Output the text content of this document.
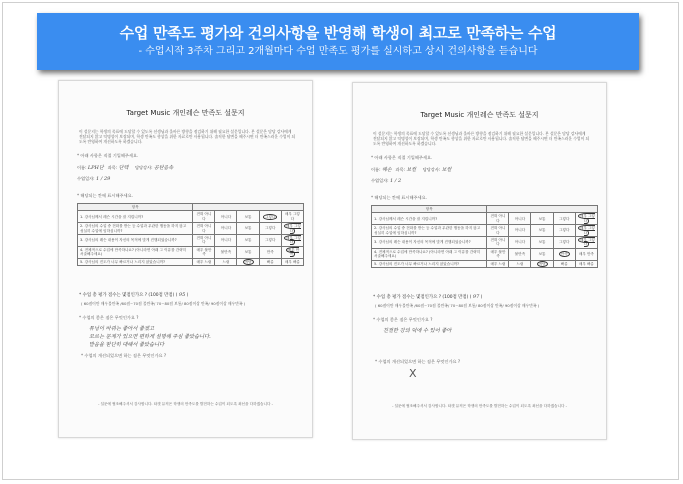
수업 만족도 평가와 건의사항을 반영해 학생이 최고로 만족하는 수업
- 수업시작 3주차 그리고 2개월마다 수업 만족도 평가를 실시하고 상시 건의사항을 듣습니다
Target Music 개인레슨 만족도 설문지
이 설문지는 학생의 목표에 도달할 수 있도록 선생님과 올바른 방향을 점검하기 위해 필요한 설문입니다. 본 설문은 담당 강사에게 전달되지 않고 익명성이 보장되며, 학생 만족도 향상을 위한 자료로만 사용됩니다. 솔직한 답변을 해주시면 더 만족스러운 수업이 되도록 반영하여 개선하도록 하겠습니다.
* 아래 사항은 직접 기입해주세요.
이름: LPH단 과목: 단텍 담당강사: 공탄음속
수업일자: 1 / 29
* 해당되는 칸에 표시해주세요.
항목					
1. 강사님께서 레슨 시간을 잘 지킵니까?	전혀 아니다	아니다	보통	그렇다	매우 그렇다
2. 강사님의 수업 중 전화를 받는 등 수업과 무관한 행동을 하지 않고 성실히 수업에 임하십니까?	전혀 아니다	아니다	보통	그렇다	매우 그렇다
3. 강사님의 레슨 내용이 자신의 목적에 맞게 진행되었습니까?	전혀 아니다	아니다	보통	그렇다	매우 그렇다
4. 전체적으로 수업에 만족하나요? (아니라면 아래 그 이유를 간략히 서술해주세요)	매우 불만족	불만족	보통	만족	매우 만족
5. 강사님의 진도가 너무 빠르거나 느리지 않았습니까?	매우 느림	느림	적당	빠름	매우 빠름
* 수업 총 평가 점수는 몇점인가요 ? (100점 만점) ( 95 )
( 60점이만 매우불만족 /60점~70점 불만족/ 70~80점 보통/ 80점이상 만족/ 90점이상 매우만족 )
* 수업의 좋은 점은 무엇인가요 ?
튜닝이 바뀌는 좋아서 좋겠고
모르는 문제가 있으면 편하게 설명해 주심 좋았습니다.
발음을 한단히 대해서 좋았습니다
* 수업의 개선되었으면 하는 점은 무엇인가요 ?
- 설문에 협조해주셔서 감사합니다. 타겟 뮤직은 학생의 만족도를 발전하는 수업이 되도록 최선을 다하겠습니다 -
Target Music 개인레슨 만족도 설문지
이 설문지는 학생의 목표에 도달할 수 있도록 선생님과 올바른 방향을 점검하기 위해 필요한 설문입니다. 본 설문은 담당 강사에게 전달되지 않고 익명성이 보장되며, 학생 만족도 향상을 위한 자료로만 사용됩니다. 솔직한 답변을 해주시면 더 만족스러운 수업이 되도록 반영하여 개선하도록 하겠습니다.
* 아래 사항은 직접 기입해주세요.
이름: 헤손 과목: 보컬 담당강사: 보컬
수업일자: 1 / 2
* 해당되는 칸에 표시해주세요.
항목					
1. 강사님께서 레슨 시간을 잘 지킵니까?	전혀 아니다	아니다	보통	그렇다	매우 그렇다
2. 강사님의 수업 중 전화를 받는 등 수업과 무관한 행동을 하지 않고 성실히 수업에 임하십니까?	전혀 아니다	아니다	보통	그렇다	매우 그렇다
3. 강사님의 레슨 내용이 자신의 목적에 맞게 진행되었습니까?	전혀 아니다	아니다	보통	그렇다	매우 그렇다
4. 전체적으로 수업에 만족하나요? (아니라면 아래 그 이유를 간략히 서술해주세요)	매우 불만족	불만족	보통	만족	매우 만족
5. 강사님의 진도가 너무 빠르거나 느리지 않았습니까?	매우 느림	느림	적당	빠름	매우 빠름
* 수업 총 평가 점수는 몇점인가요 ? (100점 만점) ( 97 )
( 60점이만 매우불만족 /60점~70점 불만족/ 70~80점 보통/ 80점이상 만족/ 90점이상 매우만족 )
* 수업의 좋은 점은 무엇인가요 ?
친절한 강의 덕에 수 있어 좋아
* 수업의 개선되었으면 하는 점은 무엇인가요 ?
X
- 설문에 협조해주셔서 감사합니다. 타겟 뮤직은 학생의 만족도를 발전하는 수업이 되도록 최선을 다하겠습니다 -
